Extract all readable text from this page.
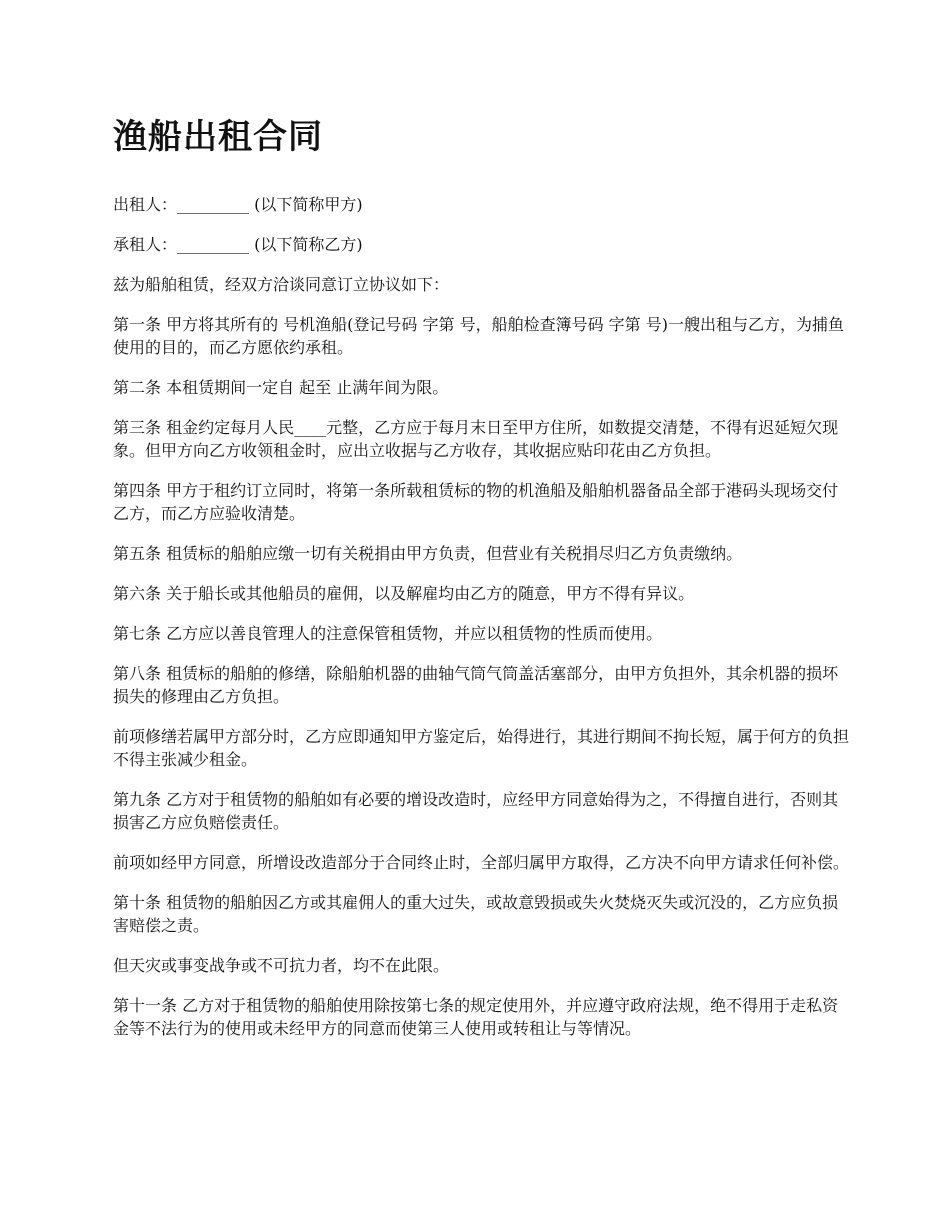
渔船出租合同

出租人：_________ (以下简称甲方)

承租人：_________ (以下简称乙方)

兹为船舶租赁，经双方洽谈同意订立协议如下：

第一条 甲方将其所有的 号机渔船(登记号码 字第 号，船舶检查簿号码 字第 号)一艘出租与乙方，为捕鱼使用的目的，而乙方愿依约承租。

第二条 本租赁期间一定自 起至 止满年间为限。

第三条 租金约定每月人民____元整，乙方应于每月末日至甲方住所，如数提交清楚，不得有迟延短欠现象。但甲方向乙方收领租金时，应出立收据与乙方收存，其收据应贴印花由乙方负担。

第四条 甲方于租约订立同时，将第一条所载租赁标的物的机渔船及船舶机器备品全部于港码头现场交付乙方，而乙方应验收清楚。

第五条 租赁标的船舶应缴一切有关税捐由甲方负责，但营业有关税捐尽归乙方负责缴纳。

第六条 关于船长或其他船员的雇佣，以及解雇均由乙方的随意，甲方不得有异议。

第七条 乙方应以善良管理人的注意保管租赁物，并应以租赁物的性质而使用。

第八条 租赁标的船舶的修缮，除船舶机器的曲轴气筒气筒盖活塞部分，由甲方负担外，其余机器的损坏损失的修理由乙方负担。

前项修缮若属甲方部分时，乙方应即通知甲方鉴定后，始得进行，其进行期间不拘长短，属于何方的负担不得主张减少租金。

第九条 乙方对于租赁物的船舶如有必要的增设改造时，应经甲方同意始得为之，不得擅自进行，否则其损害乙方应负赔偿责任。

前项如经甲方同意，所增设改造部分于合同终止时，全部归属甲方取得，乙方决不向甲方请求任何补偿。

第十条 租赁物的船舶因乙方或其雇佣人的重大过失，或故意毁损或失火焚烧灭失或沉没的，乙方应负损害赔偿之责。

但天灾或事变战争或不可抗力者，均不在此限。

第十一条 乙方对于租赁物的船舶使用除按第七条的规定使用外，并应遵守政府法规，绝不得用于走私资金等不法行为的使用或未经甲方的同意而使第三人使用或转租让与等情况。
